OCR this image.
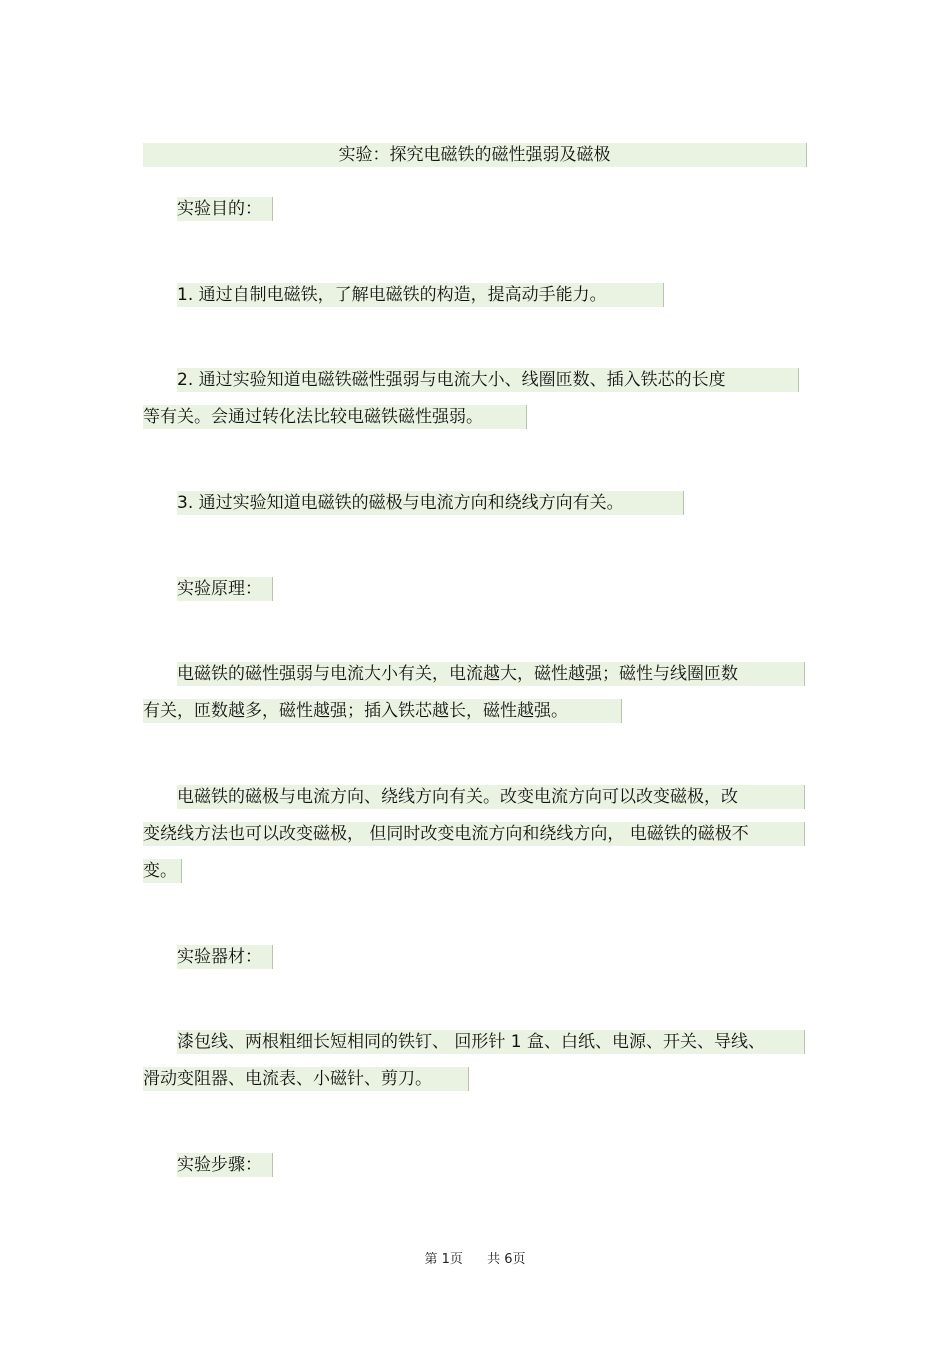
实验：探究电磁铁的磁性强弱及磁极
实验目的：
1. 通过自制电磁铁，了解电磁铁的构造，提高动手能力。
2. 通过实验知道电磁铁磁性强弱与电流大小、线圈匝数、插入铁芯的长度
等有关。会通过转化法比较电磁铁磁性强弱。
3. 通过实验知道电磁铁的磁极与电流方向和绕线方向有关。
实验原理：
电磁铁的磁性强弱与电流大小有关，电流越大，磁性越强；磁性与线圈匝数
有关，匝数越多，磁性越强；插入铁芯越长，磁性越强。
电磁铁的磁极与电流方向、绕线方向有关。改变电流方向可以改变磁极，改
变绕线方法也可以改变磁极， 但同时改变电流方向和绕线方向， 电磁铁的磁极不
变。
实验器材：
漆包线、两根粗细长短相同的铁钉、 回形针 1 盒、白纸、电源、开关、导线、
滑动变阻器、电流表、小磁针、剪刀。
实验步骤：
第 1页 共 6页
